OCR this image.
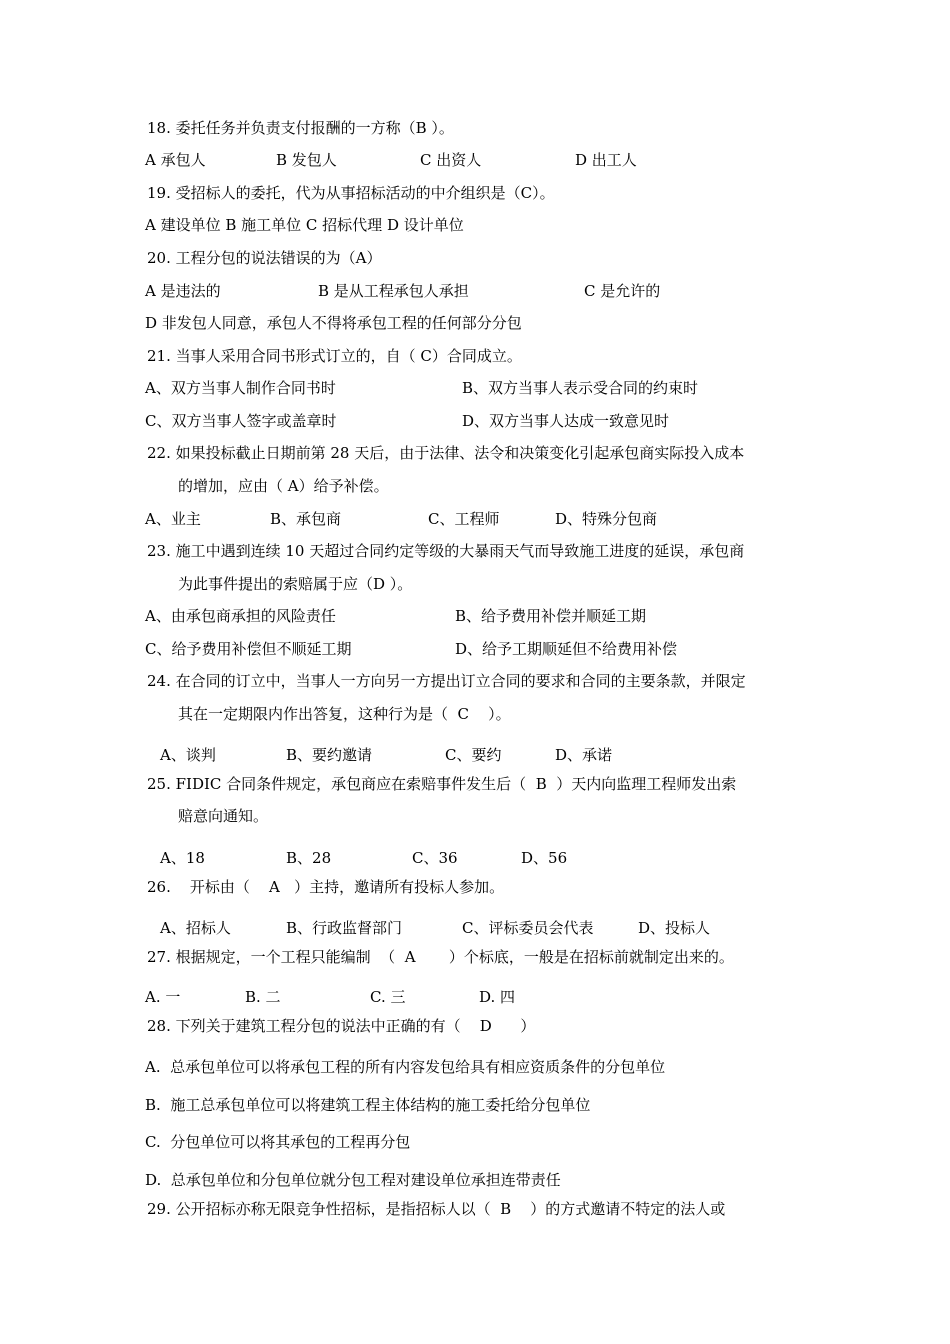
18. 委托任务并负责支付报酬的一方称（B ）。
A 承包人	B 发包人	C 出资人	D 出工人
19. 受招标人的委托，代为从事招标活动的中介组织是（C）。
A 建设单位 B 施工单位 C 招标代理 D 设计单位
20. 工程分包的说法错误的为（A）
A 是违法的	B 是从工程承包人承担	C 是允许的
D 非发包人同意，承包人不得将承包工程的任何部分分包
21. 当事人采用合同书形式订立的，自（ C）合同成立。
A、双方当事人制作合同书时	B、双方当事人表示受合同的约束时
C、双方当事人签字或盖章时	D、双方当事人达成一致意见时
22. 如果投标截止日期前第 28 天后，由于法律、法令和决策变化引起承包商实际投入成本
的增加，应由（ A）给予补偿。
A、业主	B、承包商	C、工程师	D、特殊分包商
23. 施工中遇到连续 10 天超过合同约定等级的大暴雨天气而导致施工进度的延误，承包商
为此事件提出的索赔属于应（D ）。
A、由承包商承担的风险责任	B、给予费用补偿并顺延工期
C、给予费用补偿但不顺延工期	D、给予工期顺延但不给费用补偿
24. 在合同的订立中，当事人一方向另一方提出订立合同的要求和合同的主要条款，并限定
其在一定期限内作出答复，这种行为是（  C    ）。
A、谈判	B、要约邀请	C、要约	D、承诺
25. FIDIC 合同条件规定，承包商应在索赔事件发生后（  B  ）天内向监理工程师发出索
赔意向通知。
A、18	B、28	C、36	D、56
26.    开标由（    A   ）主持，邀请所有投标人参加。
A、招标人	B、行政监督部门	C、评标委员会代表	D、投标人
27. 根据规定，一个工程只能编制  （  A       ）个标底，一般是在招标前就制定出来的。
A. 一	B. 二	C. 三	D. 四
28. 下列关于建筑工程分包的说法中正确的有（    D      ）
A.  总承包单位可以将承包工程的所有内容发包给具有相应资质条件的分包单位
B.  施工总承包单位可以将建筑工程主体结构的施工委托给分包单位
C.  分包单位可以将其承包的工程再分包
D.  总承包单位和分包单位就分包工程对建设单位承担连带责任
29. 公开招标亦称无限竞争性招标，是指招标人以（  B    ）的方式邀请不特定的法人或
